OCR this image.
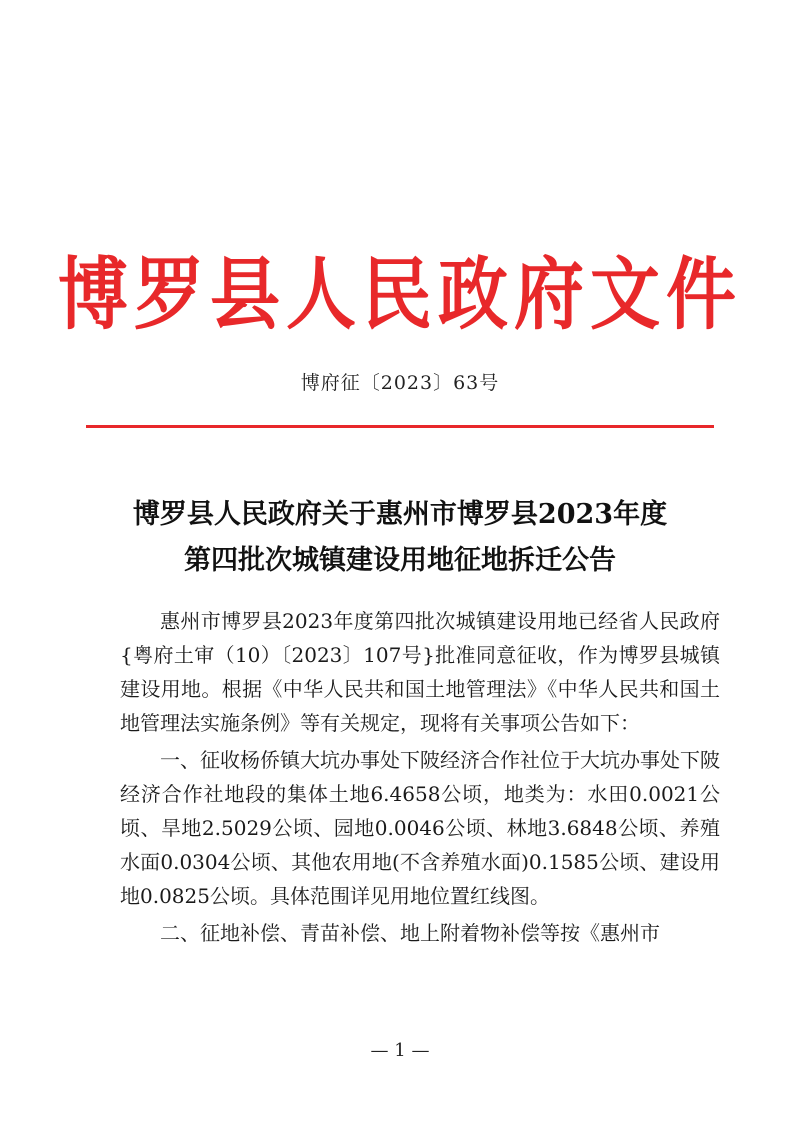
博罗县人民政府文件
博府征〔2023〕63号
博罗县人民政府关于惠州市博罗县2023年度
第四批次城镇建设用地征地拆迁公告

惠州市博罗县2023年度第四批次城镇建设用地已经省人民政府{粤府土审（10）〔2023〕107号}批准同意征收，作为博罗县城镇建设用地。根据《中华人民共和国土地管理法》《中华人民共和国土地管理法实施条例》等有关规定，现将有关事项公告如下：

一、征收杨侨镇大坑办事处下陂经济合作社位于大坑办事处下陂经济合作社地段的集体土地6.4658公顷，地类为：水田0.0021公顷、旱地2.5029公顷、园地0.0046公顷、林地3.6848公顷、养殖水面0.0304公顷、其他农用地(不含养殖水面)0.1585公顷、建设用地0.0825公顷。具体范围详见用地位置红线图。

二、征地补偿、青苗补偿、地上附着物补偿等按《惠州市

— 1 —
